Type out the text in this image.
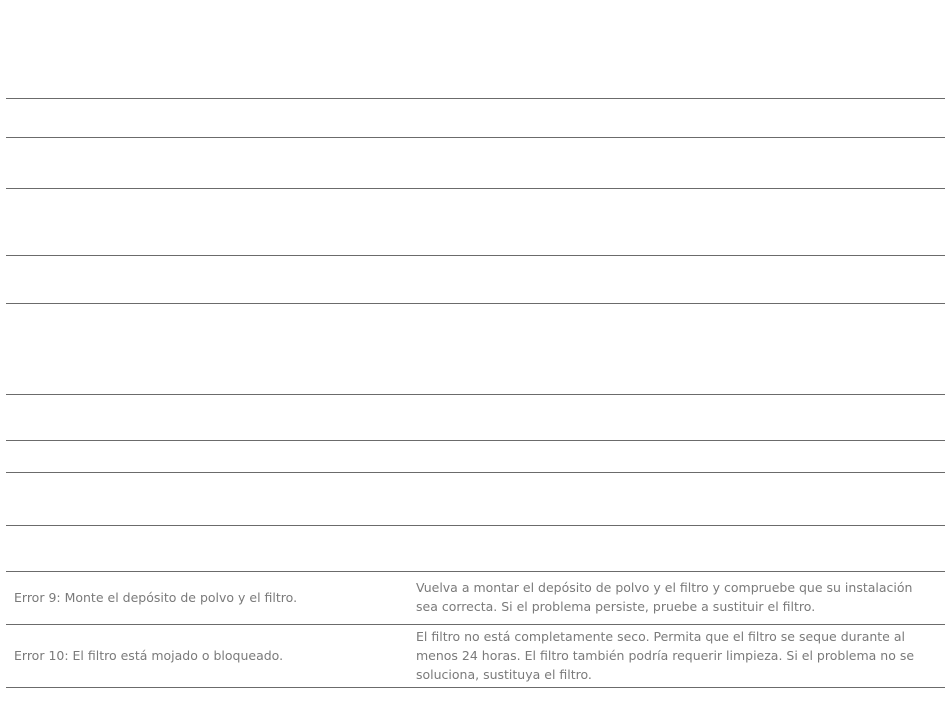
Error 9: Monte el depósito de polvo y el filtro.
Vuelva a montar el depósito de polvo y el filtro y compruebe que su instalación sea correcta. Si el problema persiste, pruebe a sustituir el filtro.
Error 10: El filtro está mojado o bloqueado.
El filtro no está completamente seco. Permita que el filtro se seque durante al menos 24 horas. El filtro también podría requerir limpieza. Si el problema no se soluciona, sustituya el filtro.
